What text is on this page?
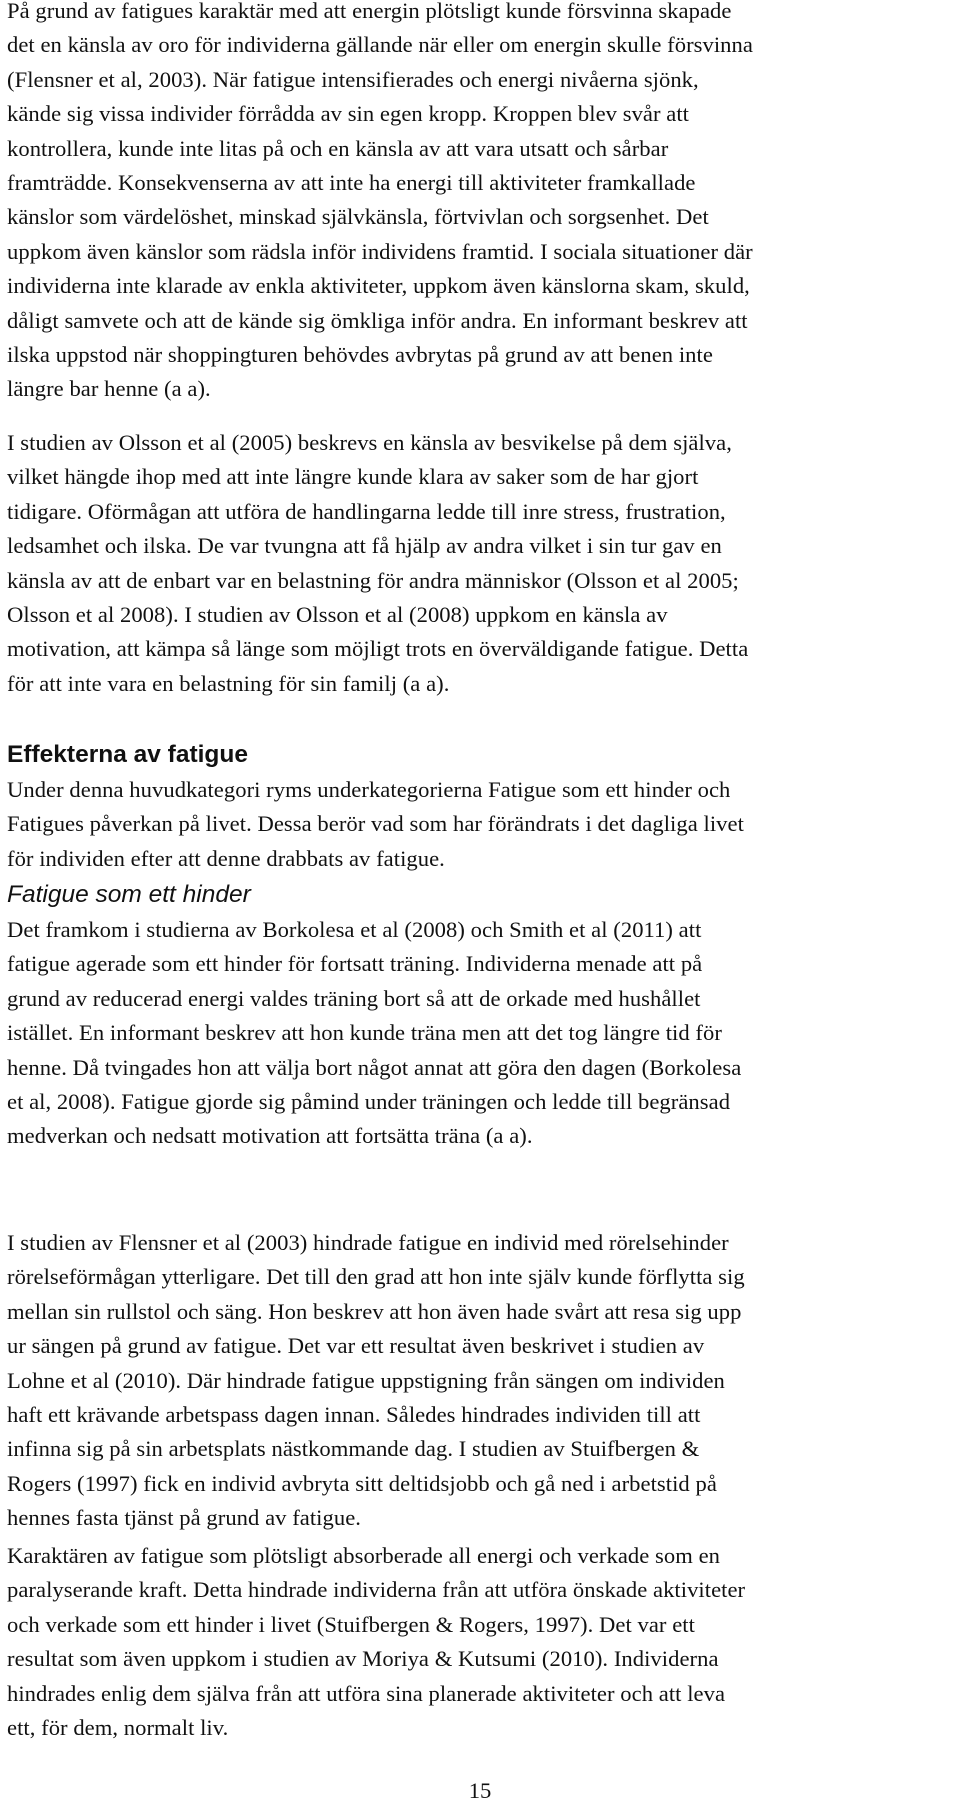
På grund av fatigues karaktär med att energin plötsligt kunde försvinna skapade
det en känsla av oro för individerna gällande när eller om energin skulle försvinna
(Flensner et al, 2003). När fatigue intensifierades och energi nivåerna sjönk,
kände sig vissa individer förrådda av sin egen kropp. Kroppen blev svår att
kontrollera, kunde inte litas på och en känsla av att vara utsatt och sårbar
framträdde. Konsekvenserna av att inte ha energi till aktiviteter framkallade
känslor som värdelöshet, minskad självkänsla, förtvivlan och sorgsenhet. Det
uppkom även känslor som rädsla inför individens framtid. I sociala situationer där
individerna inte klarade av enkla aktiviteter, uppkom även känslorna skam, skuld,
dåligt samvete och att de kände sig ömkliga inför andra. En informant beskrev att
ilska uppstod när shoppingturen behövdes avbrytas på grund av att benen inte
längre bar henne (a a).
I studien av Olsson et al (2005) beskrevs en känsla av besvikelse på dem själva,
vilket hängde ihop med att inte längre kunde klara av saker som de har gjort
tidigare. Oförmågan att utföra de handlingarna ledde till inre stress, frustration,
ledsamhet och ilska. De var tvungna att få hjälp av andra vilket i sin tur gav en
känsla av att de enbart var en belastning för andra människor (Olsson et al 2005;
Olsson et al 2008). I studien av Olsson et al (2008) uppkom en känsla av
motivation, att kämpa så länge som möjligt trots en överväldigande fatigue. Detta
för att inte vara en belastning för sin familj (a a).
Effekterna av fatigue
Under denna huvudkategori ryms underkategorierna Fatigue som ett hinder och
Fatigues påverkan på livet. Dessa berör vad som har förändrats i det dagliga livet
för individen efter att denne drabbats av fatigue.
Fatigue som ett hinder
Det framkom i studierna av Borkolesa et al (2008) och Smith et al (2011) att
fatigue agerade som ett hinder för fortsatt träning. Individerna menade att på
grund av reducerad energi valdes träning bort så att de orkade med hushållet
istället. En informant beskrev att hon kunde träna men att det tog längre tid för
henne. Då tvingades hon att välja bort något annat att göra den dagen (Borkolesa
et al, 2008). Fatigue gjorde sig påmind under träningen och ledde till begränsad
medverkan och nedsatt motivation att fortsätta träna (a a).
I studien av Flensner et al (2003) hindrade fatigue en individ med rörelsehinder
rörelseförmågan ytterligare. Det till den grad att hon inte själv kunde förflytta sig
mellan sin rullstol och säng. Hon beskrev att hon även hade svårt att resa sig upp
ur sängen på grund av fatigue. Det var ett resultat även beskrivet i studien av
Lohne et al (2010). Där hindrade fatigue uppstigning från sängen om individen
haft ett krävande arbetspass dagen innan. Således hindrades individen till att
infinna sig på sin arbetsplats nästkommande dag. I studien av Stuifbergen &
Rogers (1997) fick en individ avbryta sitt deltidsjobb och gå ned i arbetstid på
hennes fasta tjänst på grund av fatigue.
Karaktären av fatigue som plötsligt absorberade all energi och verkade som en
paralyserande kraft. Detta hindrade individerna från att utföra önskade aktiviteter
och verkade som ett hinder i livet (Stuifbergen & Rogers, 1997). Det var ett
resultat som även uppkom i studien av Moriya & Kutsumi (2010). Individerna
hindrades enlig dem själva från att utföra sina planerade aktiviteter och att leva
ett, för dem, normalt liv.
15
